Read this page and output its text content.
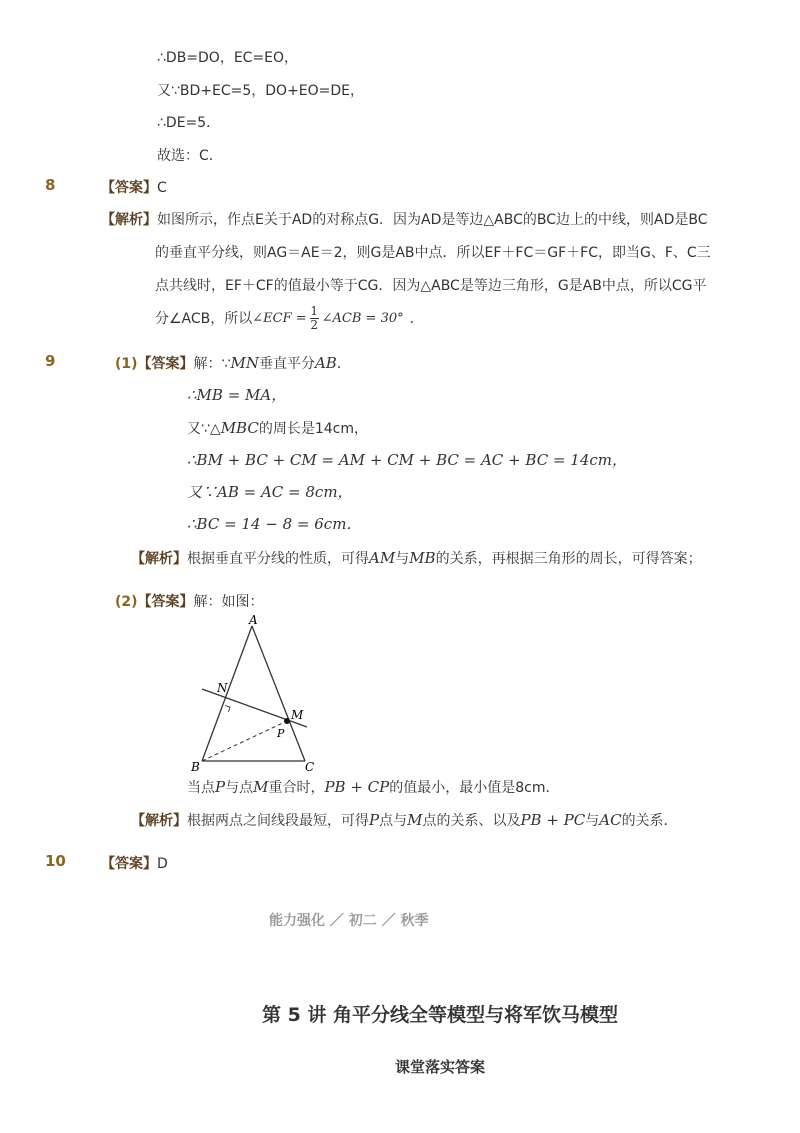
∴DB=DO，EC=EO，
又∵BD+EC=5，DO+EO=DE，
∴DE=5．
故选：C．
8	【答案】C
【解析】如图所示，作点E关于AD的对称点G．因为AD是等边△ABC的BC边上的中线，则AD是BC
的垂直平分线，则AG＝AE＝2，则G是AB中点．所以EF＋FC＝GF＋FC，即当G、F、C三
点共线时，EF＋CF的值最小等于CG．因为△ABC是等边三角形，G是AB中点，所以CG平
分∠ACB，所以 ∠ECF = 1
2 ∠ACB = 30° ．
9	(1)【答案】解：∵MN垂直平分AB．
∴MB = MA，
又∵△MBC的周长是14cm，
∴BM + BC + CM = AM + CM + BC = AC + BC = 14cm，
又∵AB = AC = 8cm，
∴BC = 14 − 8 = 6cm．
【解析】根据垂直平分线的性质，可得AM与MB的关系，再根据三角形的周长，可得答案；
(2)【答案】解：如图：
A
B	C
N
M
P
当点P与点M重合时，PB + CP的值最小，最小值是8cm．
【解析】根据两点之间线段最短，可得P点与M点的关系、以及PB + PC与AC的关系．
10	【答案】D
能力强化 ／ 初二 ／ 秋季
第 5 讲 角平分线全等模型与将军饮马模型
课堂落实答案
